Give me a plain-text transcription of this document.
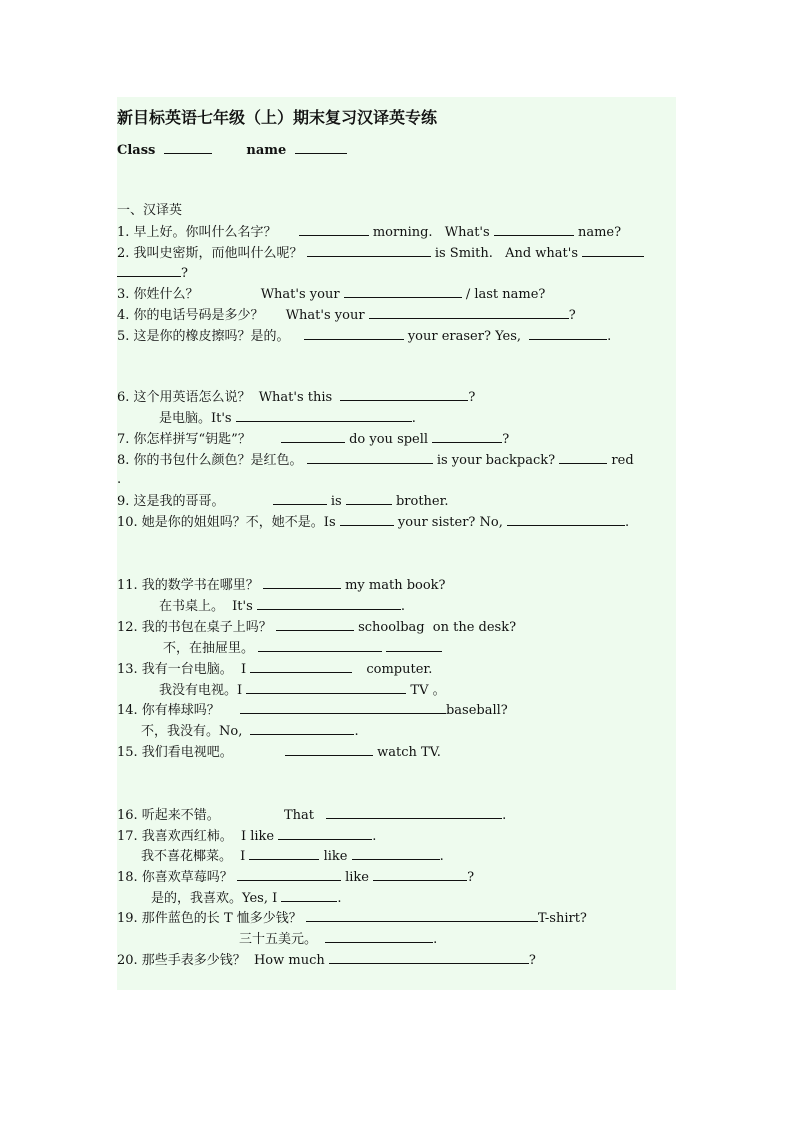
新目标英语七年级（上）期末复习汉译英专练
Class	name
一、汉译英
1. 早上好。你叫什么名字？	morning. What's	name?
2. 我叫史密斯，而他叫什么呢？	is Smith. And what's
?
3. 你姓什么？	What's your	/ last name?
4. 你的电话号码是多少？ What's your	?
5. 这是你的橡皮擦吗？是的。	your eraser? Yes,	.
6. 这个用英语怎么说？ What's this	?
是电脑。It's	.
7. 你怎样拼写“钥匙”？	do you spell	?
8. 你的书包什么颜色？是红色。	is your backpack?	red
.
9. 这是我的哥哥。	is	brother.
10. 她是你的姐姐吗？不，她不是。Is	your sister? No,	.
11. 我的数学书在哪里？	my math book?
在书桌上。 It's	.
12. 我的书包在桌子上吗？	schoolbag on the desk?
不，在抽屉里。
13. 我有一台电脑。 I	computer.
我没有电视。I	TV 。
14. 你有棒球吗？	baseball?
不，我没有。No,	.
15. 我们看电视吧。	watch TV.
16. 听起来不错。	That	.
17. 我喜欢西红柿。 I like	.
我不喜花椰菜。 I	like	.
18. 你喜欢草莓吗？	like	?
是的，我喜欢。Yes, I	.
19. 那件蓝色的长 T 恤多少钱？	T-shirt?
三十五美元。	.
20. 那些手表多少钱？ How much	?
